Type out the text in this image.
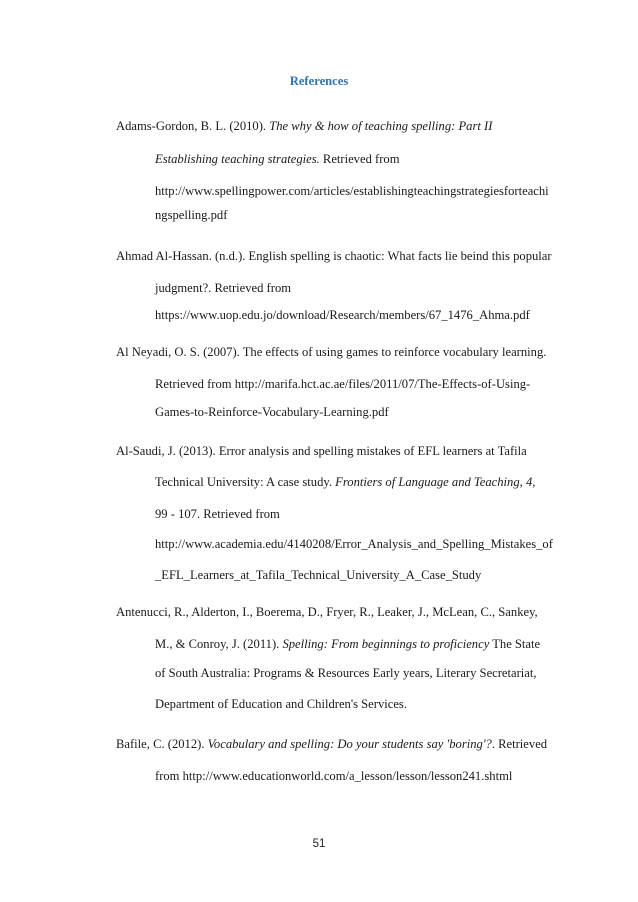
References
Adams-Gordon, B. L. (2010). The why & how of teaching spelling: Part II
Establishing teaching strategies. Retrieved from
http://www.spellingpower.com/articles/establishingteachingstrategiesforteachi
ngspelling.pdf
Ahmad Al-Hassan. (n.d.). English spelling is chaotic: What facts lie beind this popular
judgment?. Retrieved from
https://www.uop.edu.jo/download/Research/members/67_1476_Ahma.pdf
Al Neyadi, O. S. (2007). The effects of using games to reinforce vocabulary learning.
Retrieved from http://marifa.hct.ac.ae/files/2011/07/The-Effects-of-Using-
Games-to-Reinforce-Vocabulary-Learning.pdf
Al-Saudi, J. (2013). Error analysis and spelling mistakes of EFL learners at Tafila
Technical University: A case study. Frontiers of Language and Teaching, 4,
99 - 107. Retrieved from
http://www.academia.edu/4140208/Error_Analysis_and_Spelling_Mistakes_of
_EFL_Learners_at_Tafila_Technical_University_A_Case_Study
Antenucci, R., Alderton, I., Boerema, D., Fryer, R., Leaker, J., McLean, C., Sankey,
M., & Conroy, J. (2011). Spelling: From beginnings to proficiency The State
of South Australia: Programs & Resources Early years, Literary Secretariat,
Department of Education and Children's Services.
Bafile, C. (2012). Vocabulary and spelling: Do your students say 'boring'?. Retrieved
from http://www.educationworld.com/a_lesson/lesson/lesson241.shtml
51
